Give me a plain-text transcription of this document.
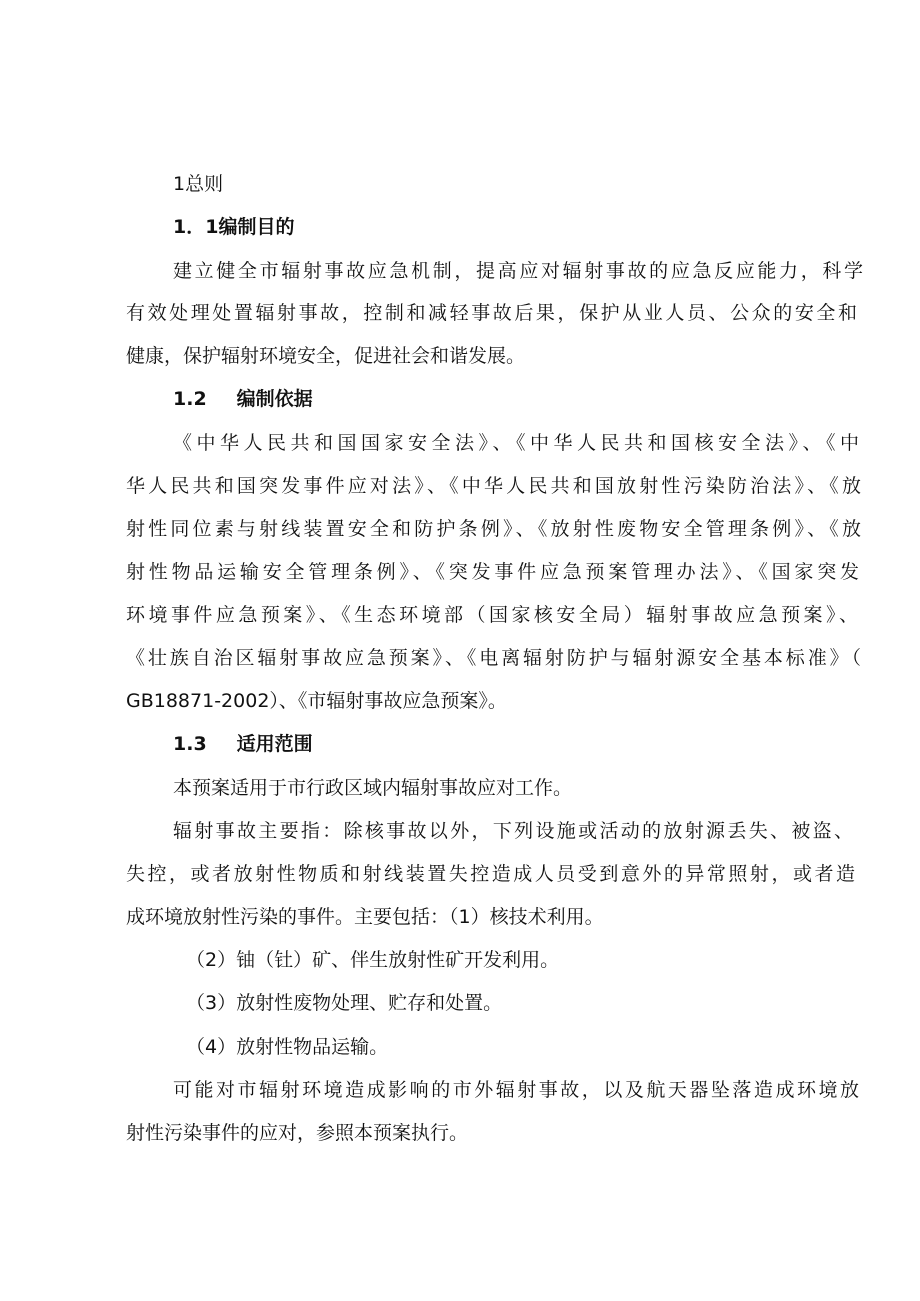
1总则
1．1编制目的
建立健全市辐射事故应急机制，提高应对辐射事故的应急反应能力，科学
有效处理处置辐射事故，控制和减轻事故后果，保护从业人员、公众的安全和
健康，保护辐射环境安全，促进社会和谐发展。
1.2 编制依据
《中华人民共和国国家安全法》、《中华人民共和国核安全法》、《中
华人民共和国突发事件应对法》、《中华人民共和国放射性污染防治法》、《放
射性同位素与射线装置安全和防护条例》、《放射性废物安全管理条例》、《放
射性物品运输安全管理条例》、《突发事件应急预案管理办法》、《国家突发
环境事件应急预案》、《生态环境部（国家核安全局）辐射事故应急预案》、
《壮族自治区辐射事故应急预案》、《电离辐射防护与辐射源安全基本标准》（
GB18871-2002）、《市辐射事故应急预案》。
1.3 适用范围
本预案适用于市行政区域内辐射事故应对工作。
辐射事故主要指：除核事故以外，下列设施或活动的放射源丢失、被盗、
失控，或者放射性物质和射线装置失控造成人员受到意外的异常照射，或者造
成环境放射性污染的事件。主要包括：（1）核技术利用。
（2）铀（钍）矿、伴生放射性矿开发利用。
（3）放射性废物处理、贮存和处置。
（4）放射性物品运输。
可能对市辐射环境造成影响的市外辐射事故，以及航天器坠落造成环境放
射性污染事件的应对，参照本预案执行。
